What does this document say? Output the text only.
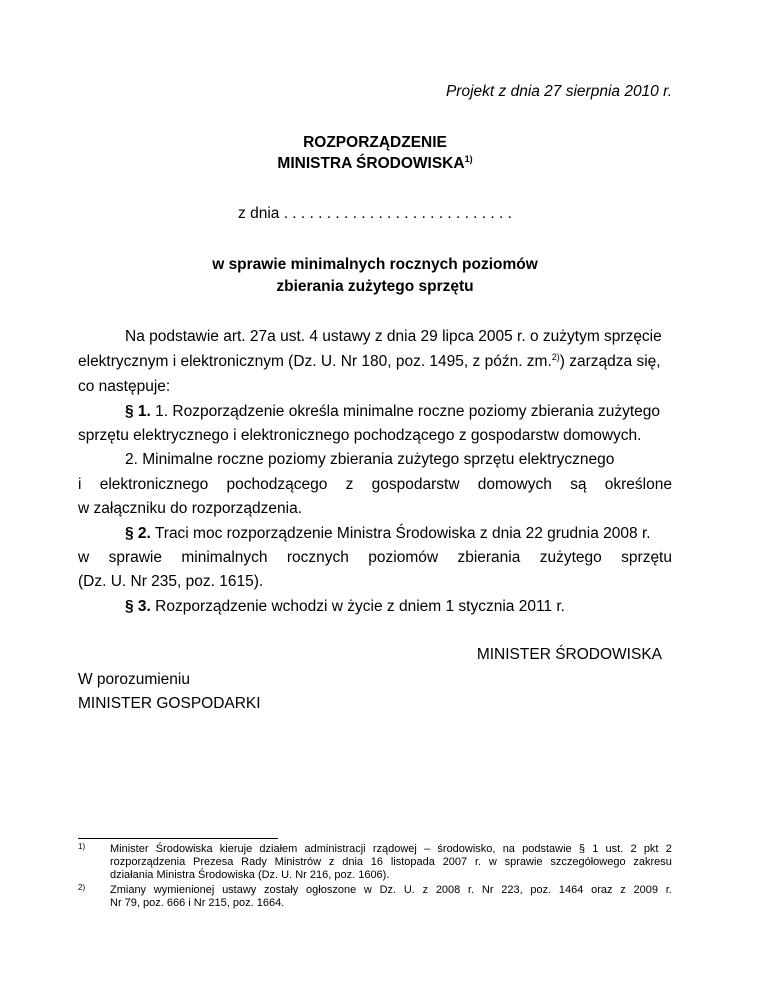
Projekt z dnia 27 sierpnia 2010 r.
ROZPORZĄDZENIE
MINISTRA ŚRODOWISKA$^{1)}$
z dnia . . . . . . . . . . . . . . . . . . . . . . . . . . .
w sprawie minimalnych rocznych poziomów
zbierania zużytego sprzętu
Na podstawie art. 27a ust. 4 ustawy z dnia 29 lipca 2005 r. o zużytym sprzęcie
elektrycznym i elektronicznym (Dz. U. Nr 180, poz. 1495, z późn. zm.$^{2)}$) zarządza się,
co następuje:
§ 1. 1. Rozporządzenie określa minimalne roczne poziomy zbierania zużytego
sprzętu elektrycznego i elektronicznego pochodzącego z gospodarstw domowych.
2. Minimalne roczne poziomy zbierania zużytego sprzętu elektrycznego
i elektronicznego pochodzącego z gospodarstw domowych są określone
w załączniku do rozporządzenia.
§ 2. Traci moc rozporządzenie Ministra Środowiska z dnia 22 grudnia 2008 r.
w sprawie minimalnych rocznych poziomów zbierania zużytego sprzętu
(Dz. U. Nr 235, poz. 1615).
§ 3. Rozporządzenie wchodzi w życie z dniem 1 stycznia 2011 r.
MINISTER ŚRODOWISKA
W porozumieniu
MINISTER GOSPODARKI
1) Minister Środowiska kieruje działem administracji rządowej – środowisko, na podstawie § 1 ust. 2 pkt 2
rozporządzenia Prezesa Rady Ministrów z dnia 16 listopada 2007 r. w sprawie szczegółowego zakresu
działania Ministra Środowiska (Dz. U. Nr 216, poz. 1606).
2) Zmiany wymienionej ustawy zostały ogłoszone w Dz. U. z 2008 r. Nr 223, poz. 1464 oraz z 2009 r.
Nr 79, poz. 666 i Nr 215, poz. 1664.
